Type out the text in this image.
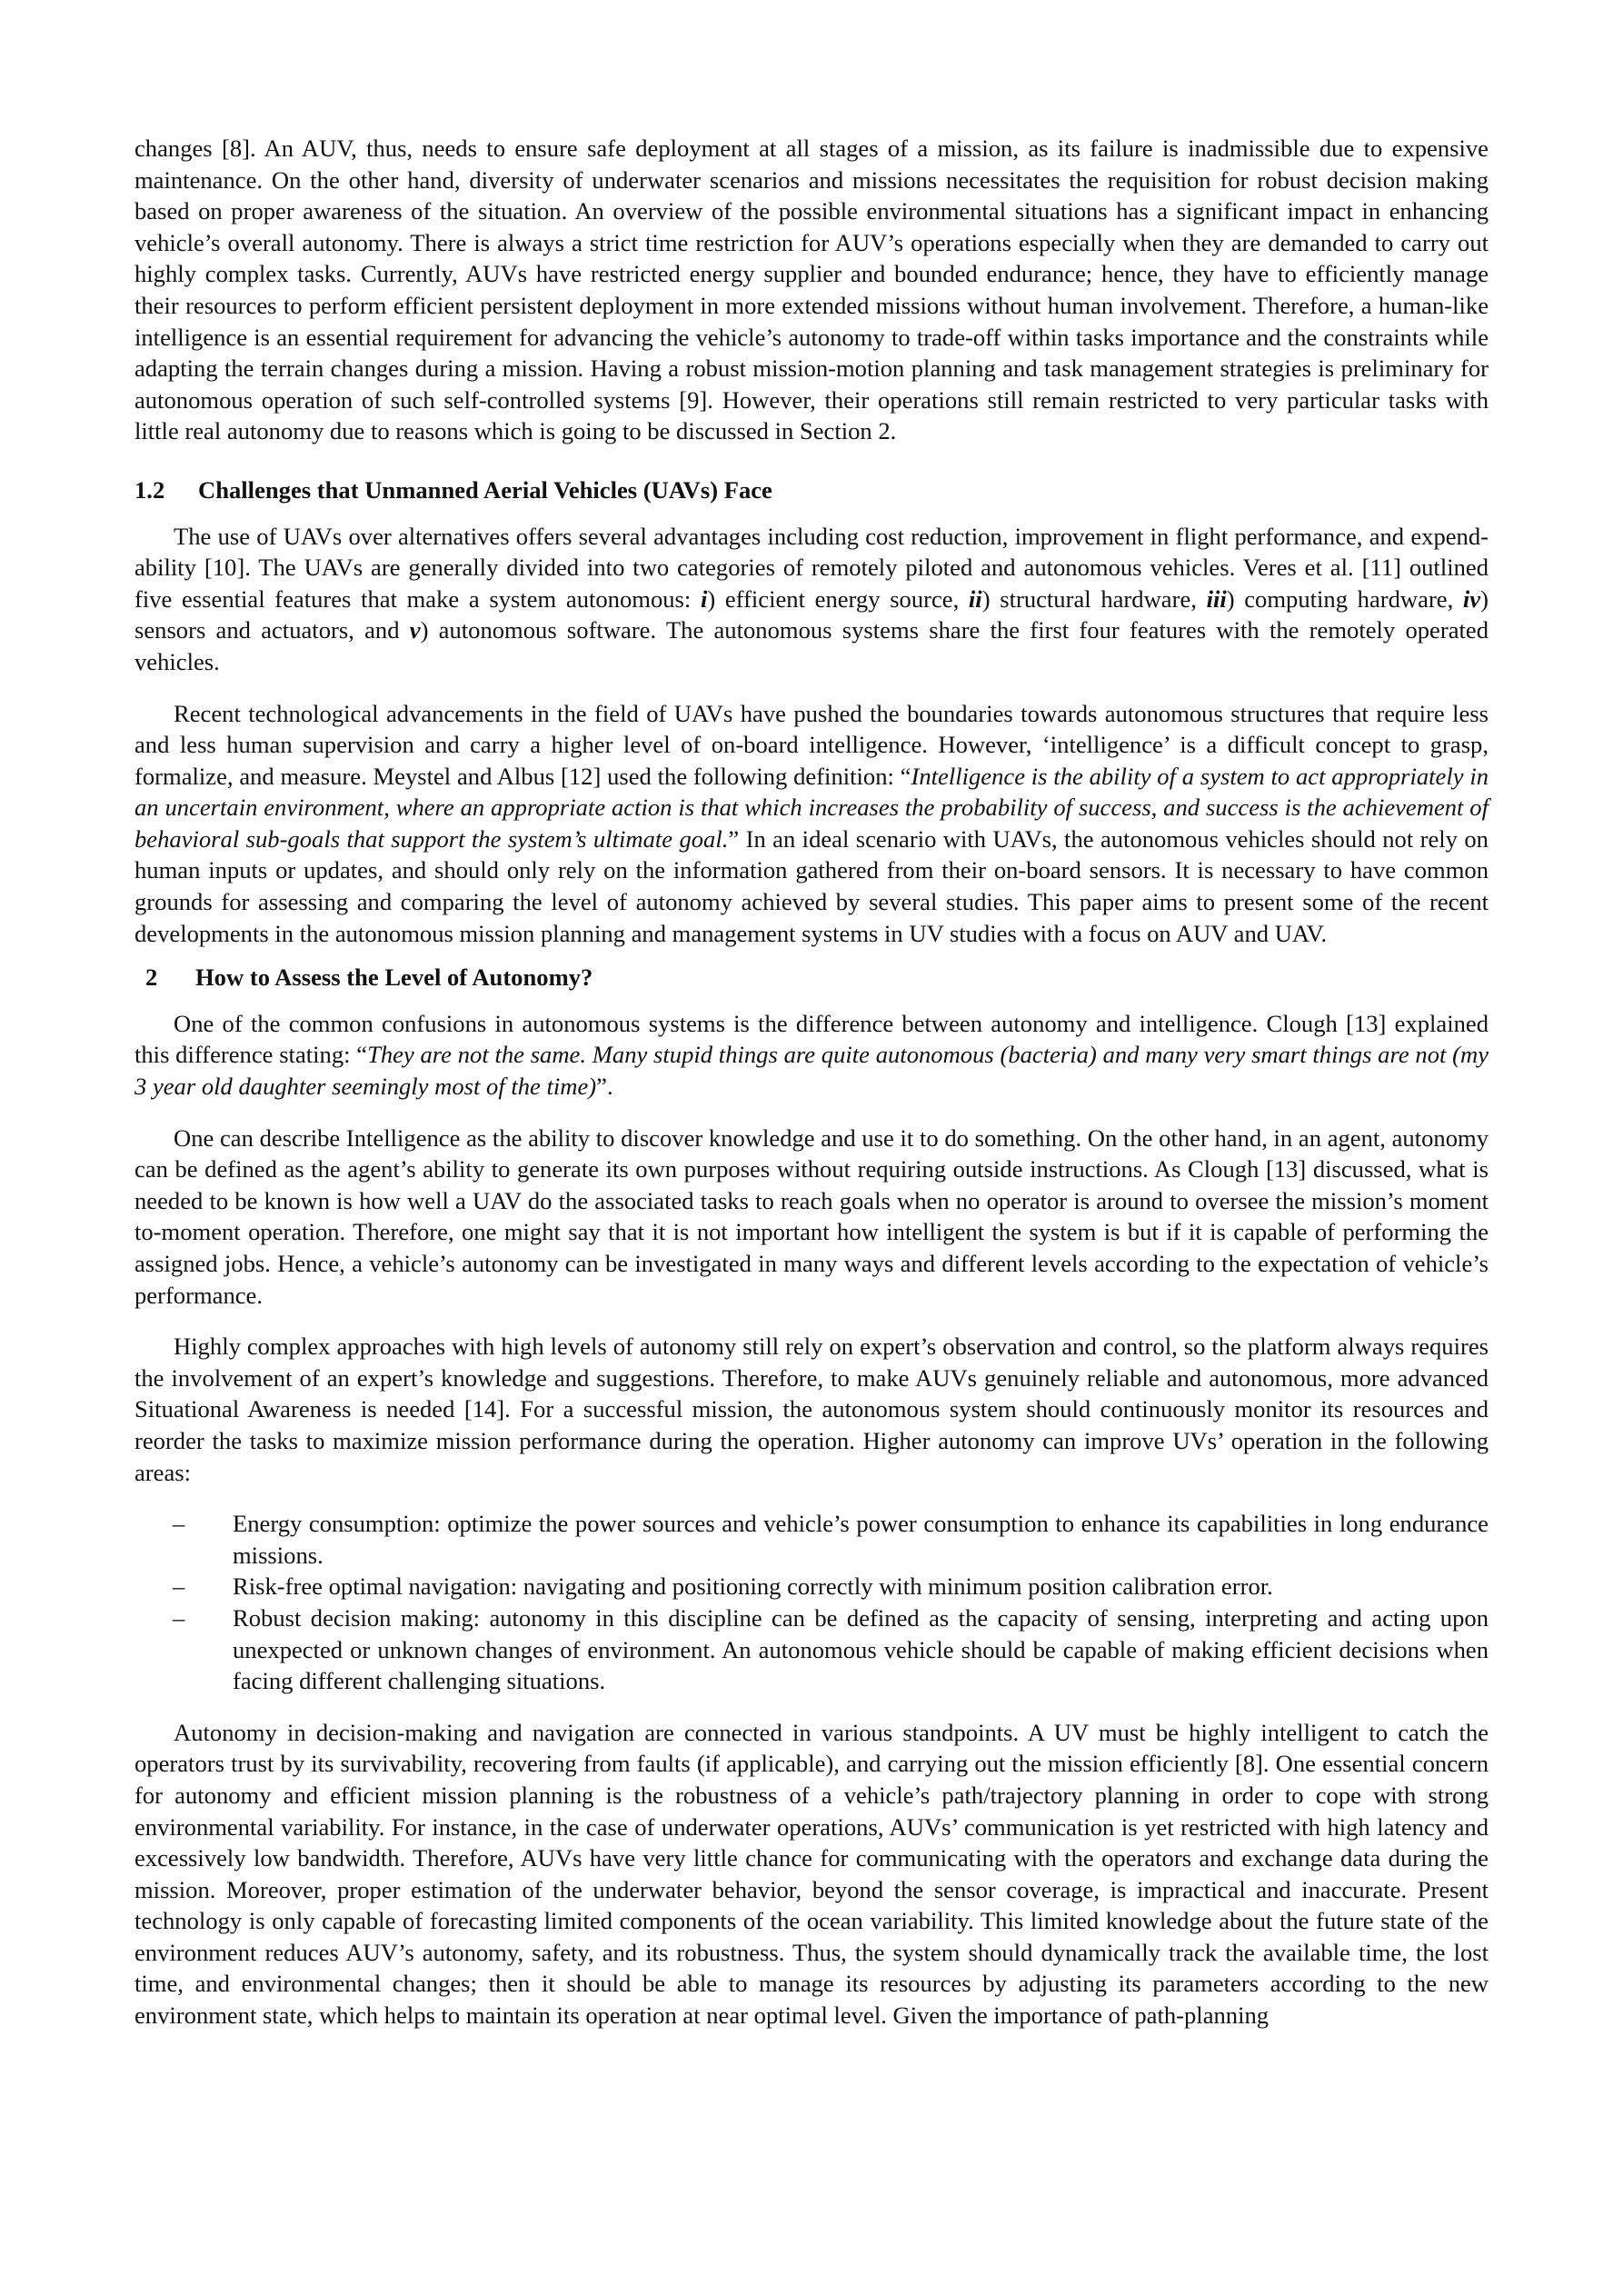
changes [8]. An AUV, thus, needs to ensure safe deployment at all stages of a mission, as its failure is inadmissible due to expensive maintenance. On the other hand, diversity of underwater scenarios and missions necessitates the requisition for robust decision making based on proper awareness of the situation. An overview of the possible environmental situations has a significant impact in enhancing vehicle’s overall autonomy. There is always a strict time restriction for AUV’s operations especially when they are demanded to carry out highly complex tasks. Currently, AUVs have restricted energy supplier and bounded endurance; hence, they have to efficiently manage their resources to perform efficient persistent deployment in more extended missions without human involvement. Therefore, a human-like intelligence is an essential requirement for advancing the vehicle’s autonomy to trade-off within tasks importance and the constraints while adapting the terrain changes during a mission. Having a robust mission-motion planning and task management strategies is preliminary for autonomous operation of such self-controlled systems [9]. However, their operations still remain restricted to very particular tasks with little real autonomy due to reasons which is going to be discussed in Section 2.

1.2 Challenges that Unmanned Aerial Vehicles (UAVs) Face

The use of UAVs over alternatives offers several advantages including cost reduction, improvement in flight performance, and expend-ability [10]. The UAVs are generally divided into two categories of remotely piloted and autonomous vehicles. Veres et al. [11] outlined five essential features that make a system autonomous: i) efficient energy source, ii) structural hardware, iii) computing hardware, iv) sensors and actuators, and v) autonomous software. The autonomous systems share the first four features with the remotely operated vehicles.

Recent technological advancements in the field of UAVs have pushed the boundaries towards autonomous structures that require less and less human supervision and carry a higher level of on-board intelligence. However, ‘intelligence’ is a difficult concept to grasp, formalize, and measure. Meystel and Albus [12] used the following definition: “Intelligence is the ability of a system to act appropriately in an uncertain environment, where an appropriate action is that which increases the probability of success, and success is the achievement of behavioral sub-goals that support the system’s ultimate goal.” In an ideal scenario with UAVs, the autonomous vehicles should not rely on human inputs or updates, and should only rely on the information gathered from their on-board sensors. It is necessary to have common grounds for assessing and comparing the level of autonomy achieved by several studies. This paper aims to present some of the recent developments in the autonomous mission planning and management systems in UV studies with a focus on AUV and UAV.

2 How to Assess the Level of Autonomy?

One of the common confusions in autonomous systems is the difference between autonomy and intelligence. Clough [13] explained this difference stating: “They are not the same. Many stupid things are quite autonomous (bacteria) and many very smart things are not (my 3 year old daughter seemingly most of the time)”.

One can describe Intelligence as the ability to discover knowledge and use it to do something. On the other hand, in an agent, autonomy can be defined as the agent’s ability to generate its own purposes without requiring outside instructions. As Clough [13] discussed, what is needed to be known is how well a UAV do the associated tasks to reach goals when no operator is around to oversee the mission’s moment to-moment operation. Therefore, one might say that it is not important how intelligent the system is but if it is capable of performing the assigned jobs. Hence, a vehicle’s autonomy can be investigated in many ways and different levels according to the expectation of vehicle’s performance.

Highly complex approaches with high levels of autonomy still rely on expert’s observation and control, so the platform always requires the involvement of an expert’s knowledge and suggestions. Therefore, to make AUVs genuinely reliable and autonomous, more advanced Situational Awareness is needed [14]. For a successful mission, the autonomous system should continuously monitor its resources and reorder the tasks to maximize mission performance during the operation. Higher autonomy can improve UVs’ operation in the following areas:

– Energy consumption: optimize the power sources and vehicle’s power consumption to enhance its capabilities in long endurance missions.
– Risk-free optimal navigation: navigating and positioning correctly with minimum position calibration error.
– Robust decision making: autonomy in this discipline can be defined as the capacity of sensing, interpreting and acting upon unexpected or unknown changes of environment. An autonomous vehicle should be capable of making efficient decisions when facing different challenging situations.

Autonomy in decision-making and navigation are connected in various standpoints. A UV must be highly intelligent to catch the operators trust by its survivability, recovering from faults (if applicable), and carrying out the mission efficiently [8]. One essential concern for autonomy and efficient mission planning is the robustness of a vehicle’s path/trajectory planning in order to cope with strong environmental variability. For instance, in the case of underwater operations, AUVs’ communication is yet restricted with high latency and excessively low bandwidth. Therefore, AUVs have very little chance for communicating with the operators and exchange data during the mission. Moreover, proper estimation of the underwater behavior, beyond the sensor coverage, is impractical and inaccurate. Present technology is only capable of forecasting limited components of the ocean variability. This limited knowledge about the future state of the environment reduces AUV’s autonomy, safety, and its robustness. Thus, the system should dynamically track the available time, the lost time, and environmental changes; then it should be able to manage its resources by adjusting its parameters according to the new environment state, which helps to maintain its operation at near optimal level. Given the importance of path-planning
